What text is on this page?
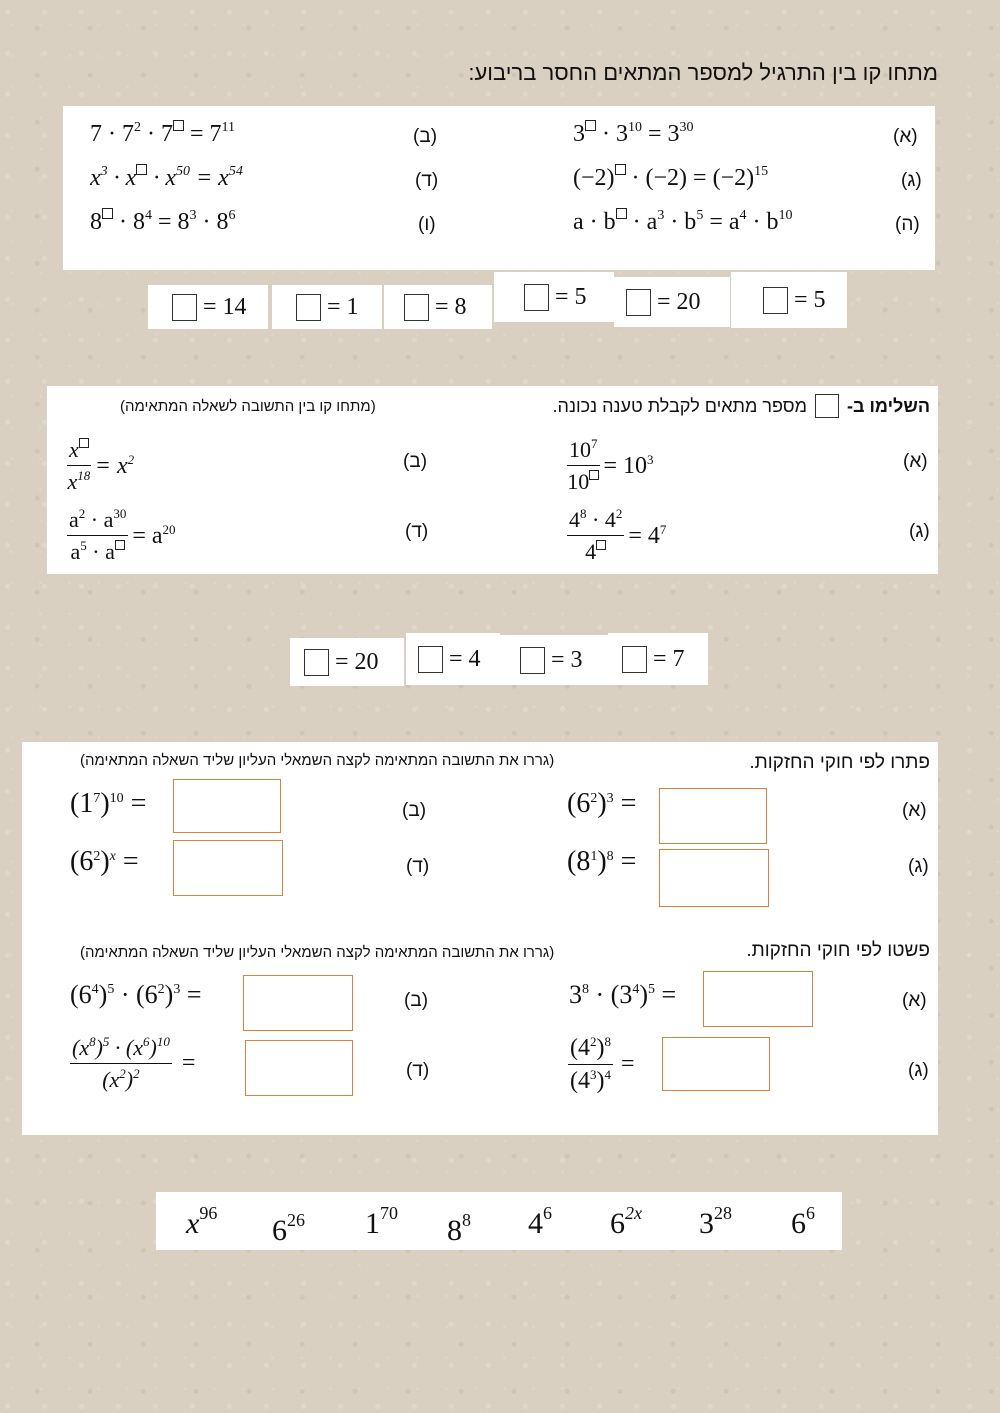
מתחו קו בין התרגיל למספר המתאים החסר בריבוע:
(א)
$3 \cdot 3^{10} = 3^{30}$
(ב)
$7 \cdot 7^2 \cdot 7 = 7^{11}$
(ג)
$(-2) \cdot (-2) = (-2)^{15}$
(ד)
$x^3 \cdot x \cdot x^{50} = x^{54}$
(ה)
$a \cdot b \cdot a^3 \cdot b^5 = a^4 \cdot b^{10}$
(ו)
$8 \cdot 8^4 = 8^3 \cdot 8^6$
= 14	= 1	= 8	= 5	= 20	= 5
השלימו ב-
מספר מתאים לקבלת טענה נכונה.
(מתחו קו בין התשובה לשאלה המתאימה)
(א)
$\frac{10^7}{10} = 10^3$
(ב)
$\frac{x}{x^{18}} = x^2$
(ג)
$\frac{4^8 \cdot 4^2}{4} = 4^7$
(ד)
$\frac{a^2 \cdot a^{30}}{a^5 \cdot a} = a^{20}$
= 20	= 4	= 3	= 7
פתרו לפי חוקי החזקות.
(גררו את התשובה המתאימה לקצה השמאלי העליון שליד השאלה המתאימה)
(א)
$(6^2)^3$ =
(ב)
$(1^7)^{10}$ =
(ג)
$(8^1)^8$ =
(ד)
$(6^2)^x$ =
פשטו לפי חוקי החזקות.
(גררו את התשובה המתאימה לקצה השמאלי העליון שליד השאלה המתאימה)
(א)
$3^8 \cdot (3^4)^5$ =
(ב)
$(6^4)^5 \cdot (6^2)^3$ =
(ג)
$\frac{(4^2)^8}{(4^3)^4}$ =
(ד)
$\frac{(x^8)^5 \cdot (x^6)^{10}}{(x^2)^2}$ =
$x^{96}$
$6^{26}$ $1^{70}$
$8^8$ $4^6$ $6^{2x}$ $3^{28}$ $6^6$
